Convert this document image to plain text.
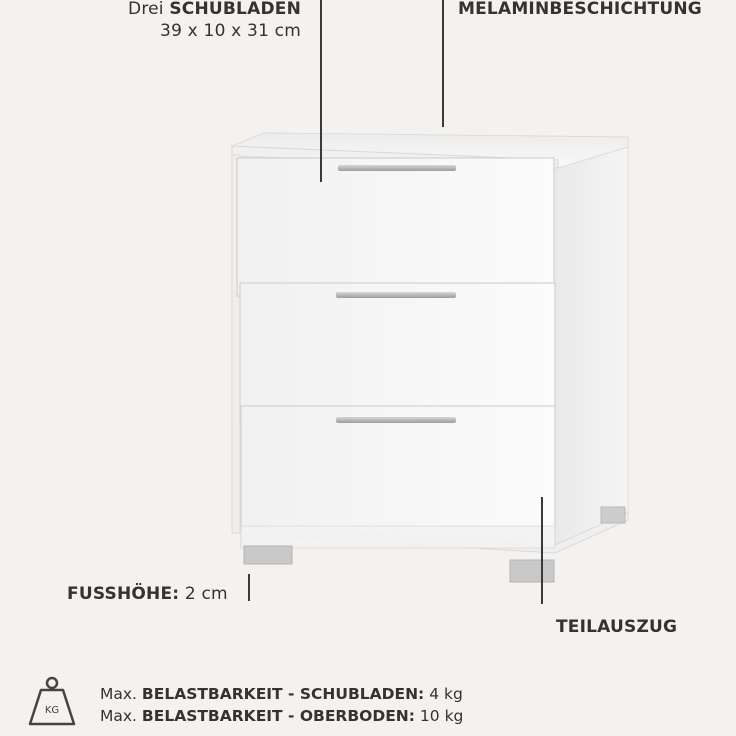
Drei SCHUBLADEN
39 x 10 x 31 cm
MELAMINBESCHICHTUNG
FUSSHÖHE: 2 cm
TEILAUSZUG
KG
Max. BELASTBARKEIT - SCHUBLADEN: 4 kg
Max. BELASTBARKEIT - OBERBODEN: 10 kg
